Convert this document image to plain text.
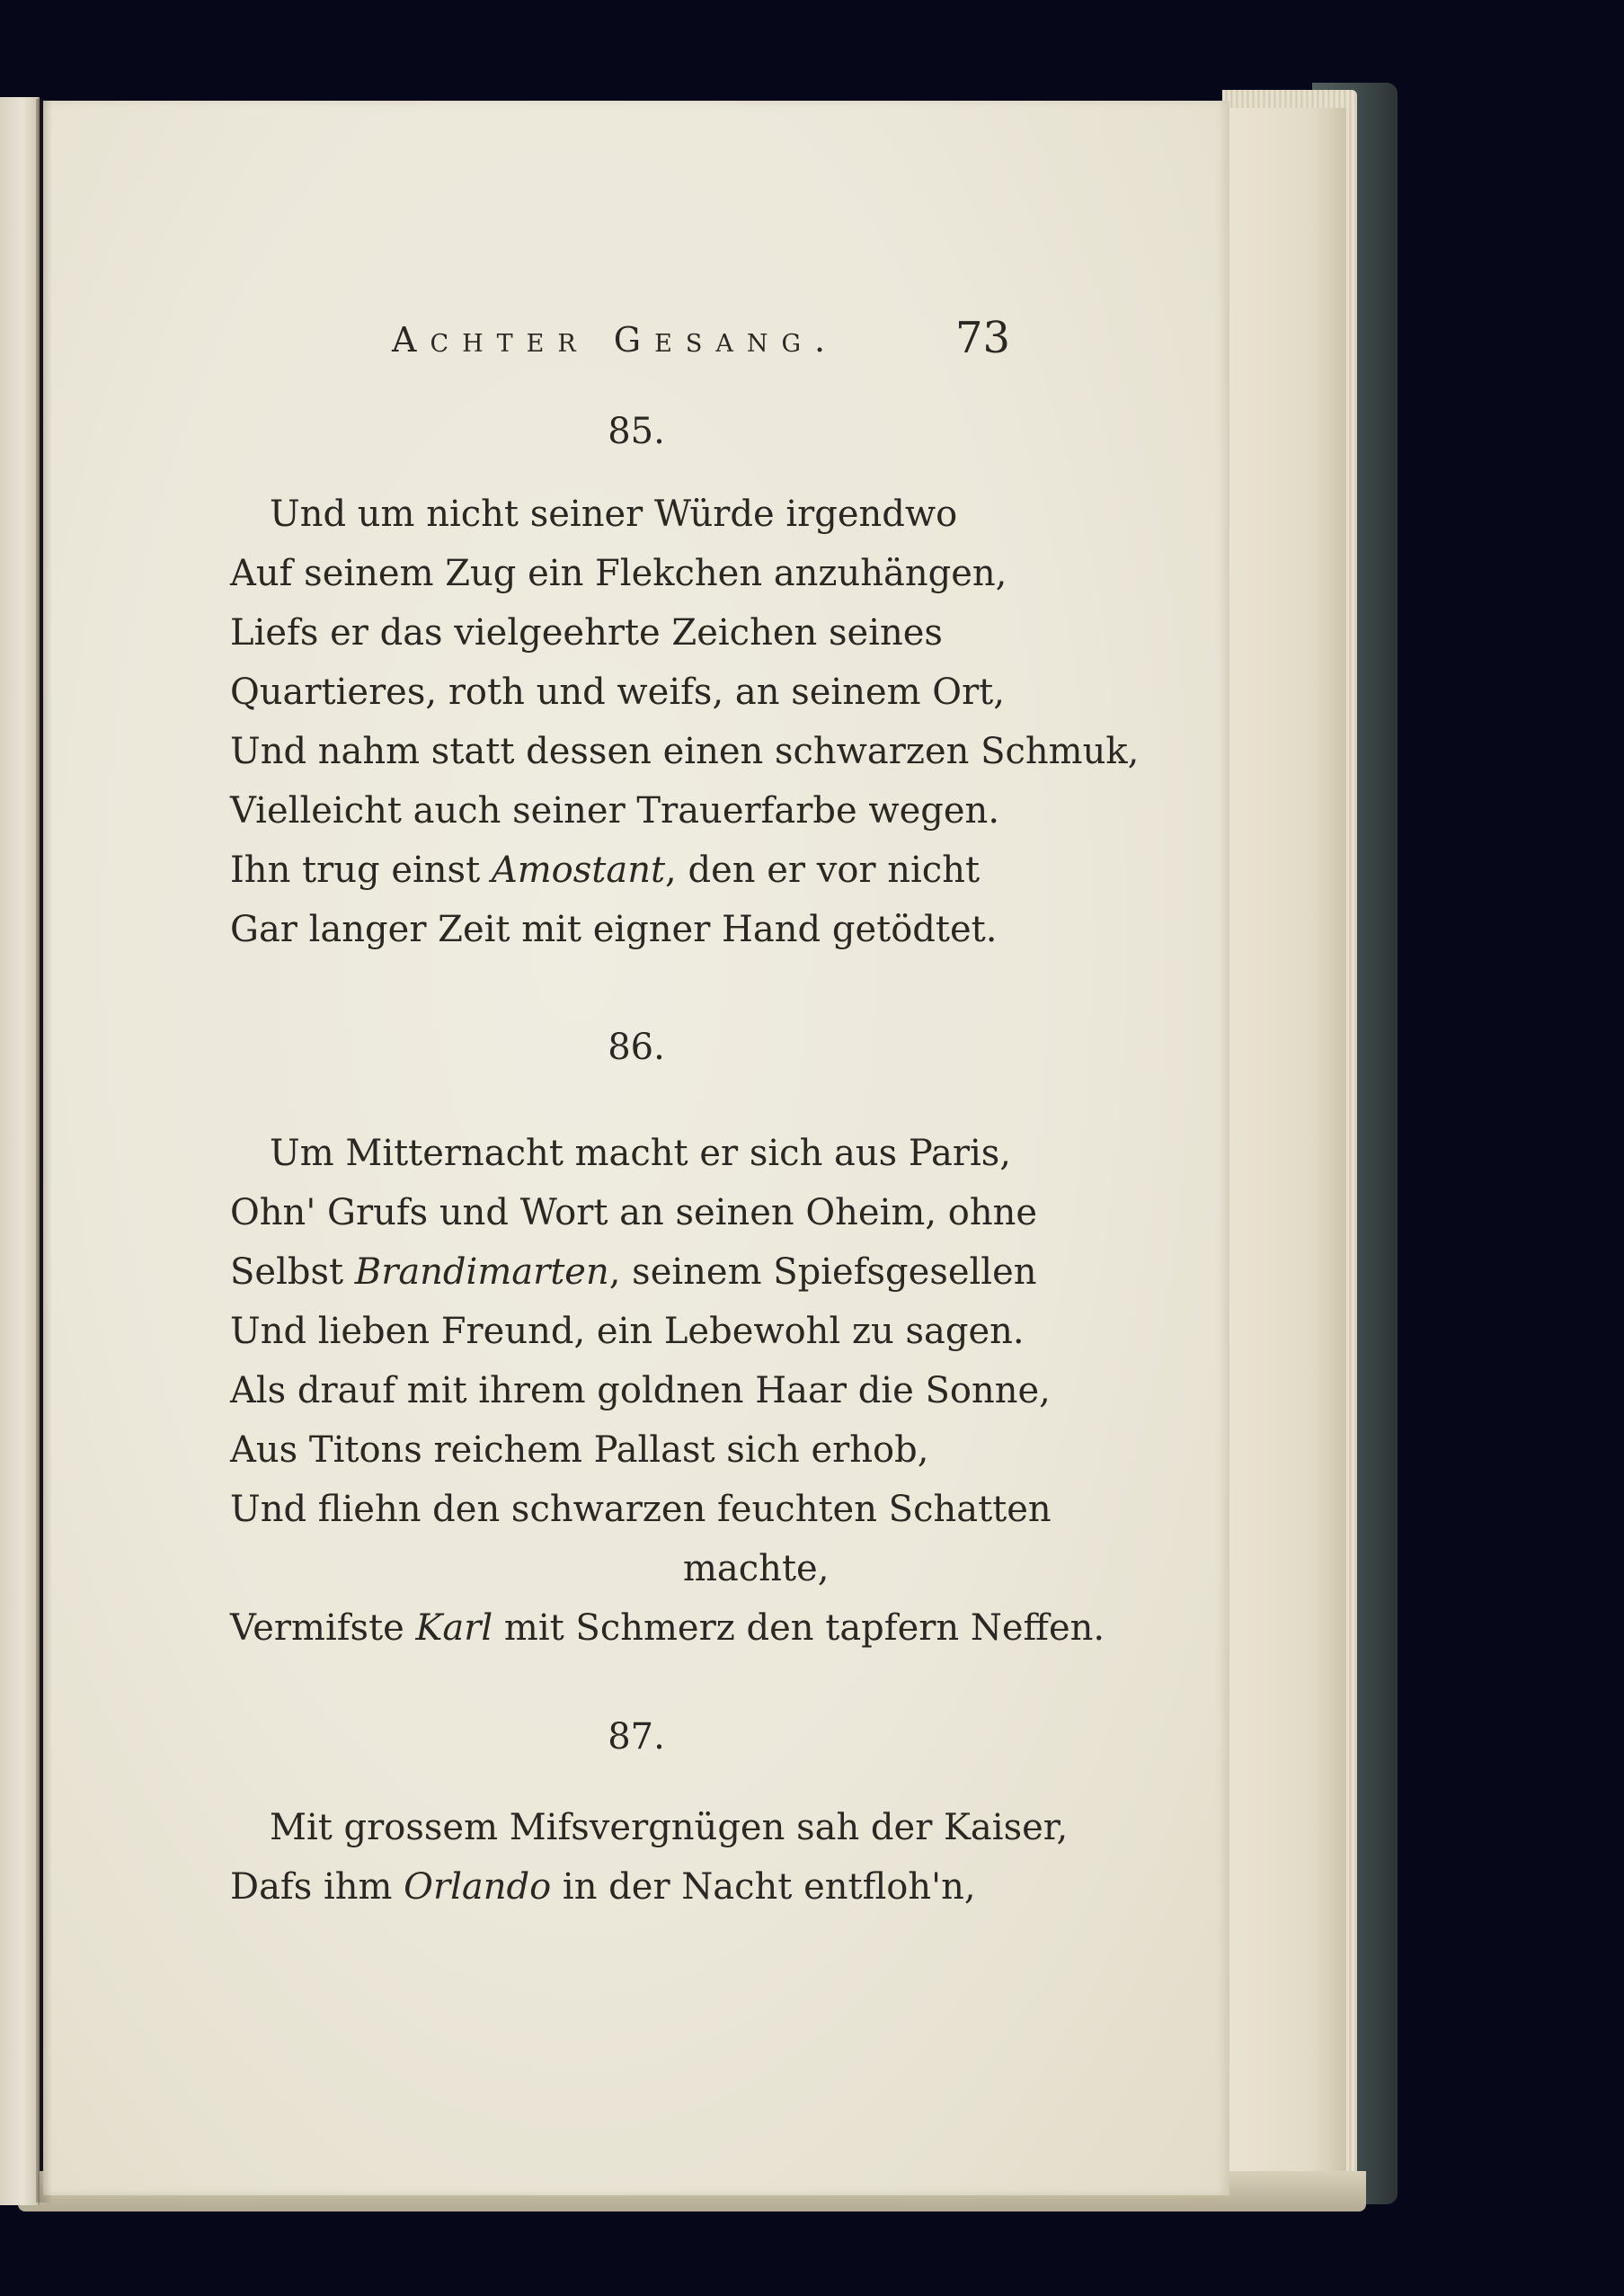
Achter Gesang.	73
85.
Und um nicht seiner Würde irgendwo
Auf seinem Zug ein Flekchen anzuhängen,
Liefs er das vielgeehrte Zeichen seines
Quartieres, roth und weifs, an seinem Ort,
Und nahm statt dessen einen schwarzen Schmuk,
Vielleicht auch seiner Trauerfarbe wegen.
Ihn trug einst Amostant, den er vor nicht
Gar langer Zeit mit eigner Hand getödtet.
86.
Um Mitternacht macht er sich aus Paris,
Ohn' Grufs und Wort an seinen Oheim, ohne
Selbst Brandimarten, seinem Spiefsgesellen
Und lieben Freund, ein Lebewohl zu sagen.
Als drauf mit ihrem goldnen Haar die Sonne,
Aus Titons reichem Pallast sich erhob,
Und fliehn den schwarzen feuchten Schatten
machte,
Vermifste Karl mit Schmerz den tapfern Neffen.
87.
Mit grossem Mifsvergnügen sah der Kaiser,
Dafs ihm Orlando in der Nacht entfloh'n,
